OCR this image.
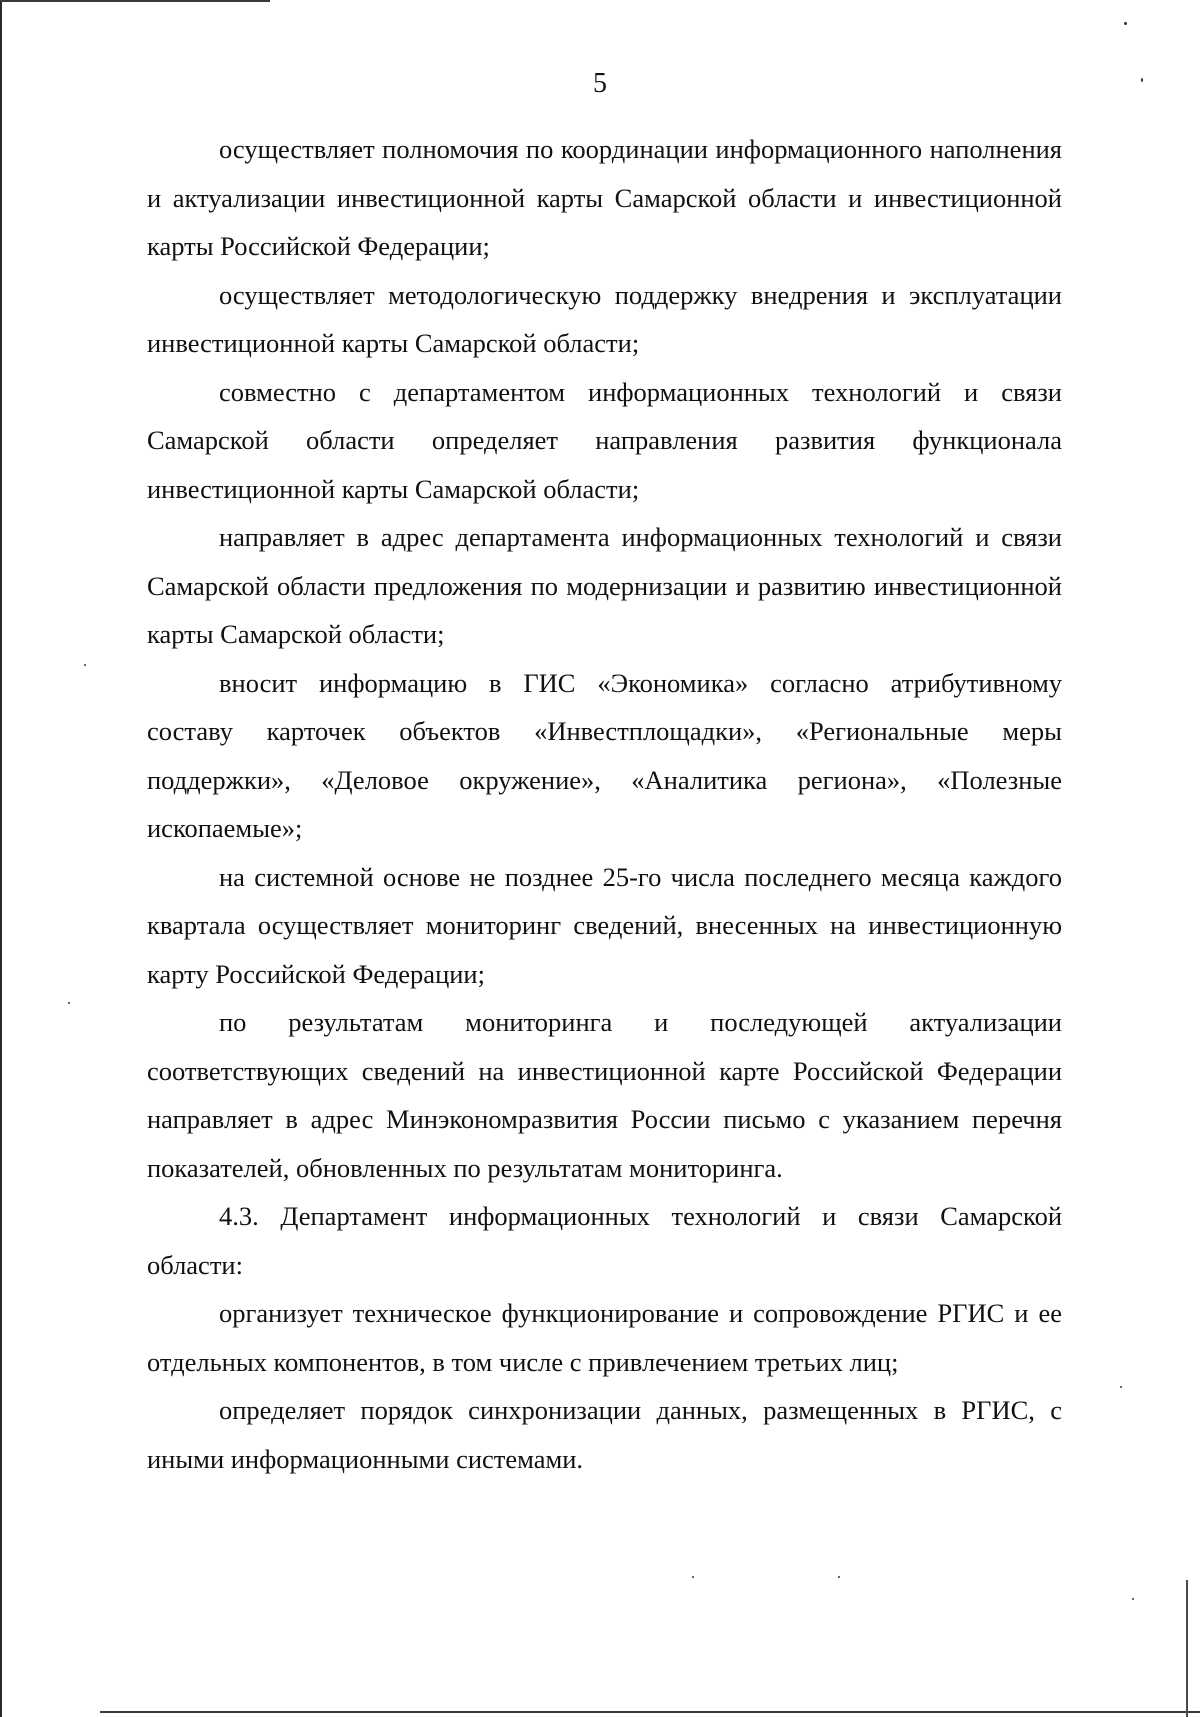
5

осуществляет полномочия по координации информационного наполнения и актуализации инвестиционной карты Самарской области и инвестиционной карты Российской Федерации;

осуществляет методологическую поддержку внедрения и эксплуатации инвестиционной карты Самарской области;

совместно с департаментом информационных технологий и связи Самарской области определяет направления развития функционала инвестиционной карты Самарской области;

направляет в адрес департамента информационных технологий и связи Самарской области предложения по модернизации и развитию инвестиционной карты Самарской области;

вносит информацию в ГИС «Экономика» согласно атрибутивному составу карточек объектов «Инвестплощадки», «Региональные меры поддержки», «Деловое окружение», «Аналитика региона», «Полезные ископаемые»;

на системной основе не позднее 25-го числа последнего месяца каждого квартала осуществляет мониторинг сведений, внесенных на инвестиционную карту Российской Федерации;

по результатам мониторинга и последующей актуализации соответствующих сведений на инвестиционной карте Российской Федерации направляет в адрес Минэкономразвития России письмо с указанием перечня показателей, обновленных по результатам мониторинга.

4.3. Департамент информационных технологий и связи Самарской области:

организует техническое функционирование и сопровождение РГИС и ее отдельных компонентов, в том числе с привлечением третьих лиц;

определяет порядок синхронизации данных, размещенных в РГИС, с иными информационными системами.
